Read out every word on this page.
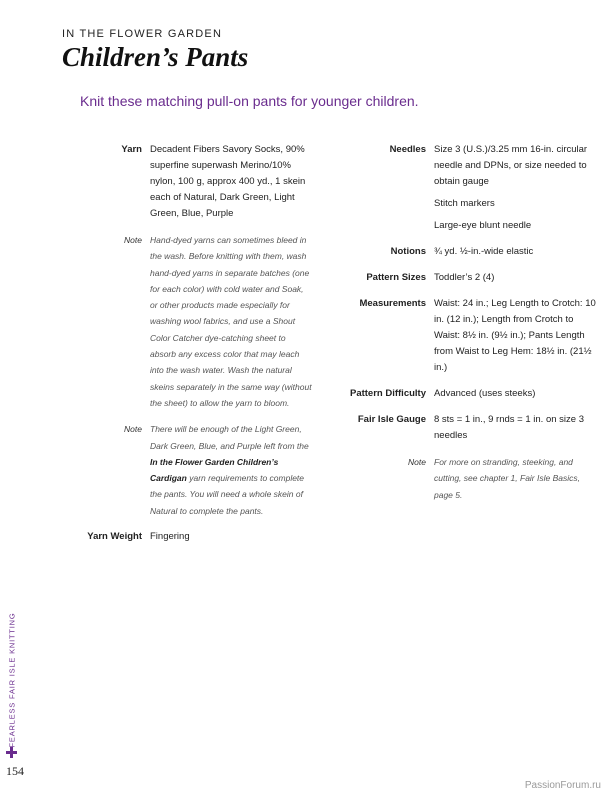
IN THE FLOWER GARDEN
Children’s Pants

Knit these matching pull-on pants for younger children.

Yarn Decadent Fibers Savory Socks, 90% superfine superwash Merino/10% nylon, 100 g, approx 400 yd., 1 skein each of Natural, Dark Green, Light Green, Blue, Purple
Note Hand-dyed yarns can sometimes bleed in the wash. Before knitting with them, wash hand-dyed yarns in separate batches (one for each color) with cold water and Soak, or other products made especially for washing wool fabrics, and use a Shout Color Catcher dye-catching sheet to absorb any excess color that may leach into the wash water. Wash the natural skeins separately in the same way (without the sheet) to allow the yarn to bloom.
Note There will be enough of the Light Green, Dark Green, Blue, and Purple left from the In the Flower Garden Children’s Cardigan yarn requirements to complete the pants. You will need a whole skein of Natural to complete the pants.
Yarn Weight Fingering
Needles Size 3 (U.S.)/3.25 mm 16-in. circular needle and DPNs, or size needed to obtain gauge

Stitch markers

Large-eye blunt needle

Notions ¾ yd. ½-in.-wide elastic
Pattern Sizes Toddler’s 2 (4)
Measurements Waist: 24 in.; Leg Length to Crotch: 10 in. (12 in.); Length from Crotch to Waist: 8½ in. (9½ in.); Pants Length from Waist to Leg Hem: 18½ in. (21½ in.)
Pattern Difficulty Advanced (uses steeks)
Fair Isle Gauge 8 sts = 1 in., 9 rnds = 1 in. on size 3 needles
Note For more on stranding, steeking, and cutting, see chapter 1, Fair Isle Basics, page 5.
FEARLESS FAIR ISLE KNITTING
154
PassionForum.ru
